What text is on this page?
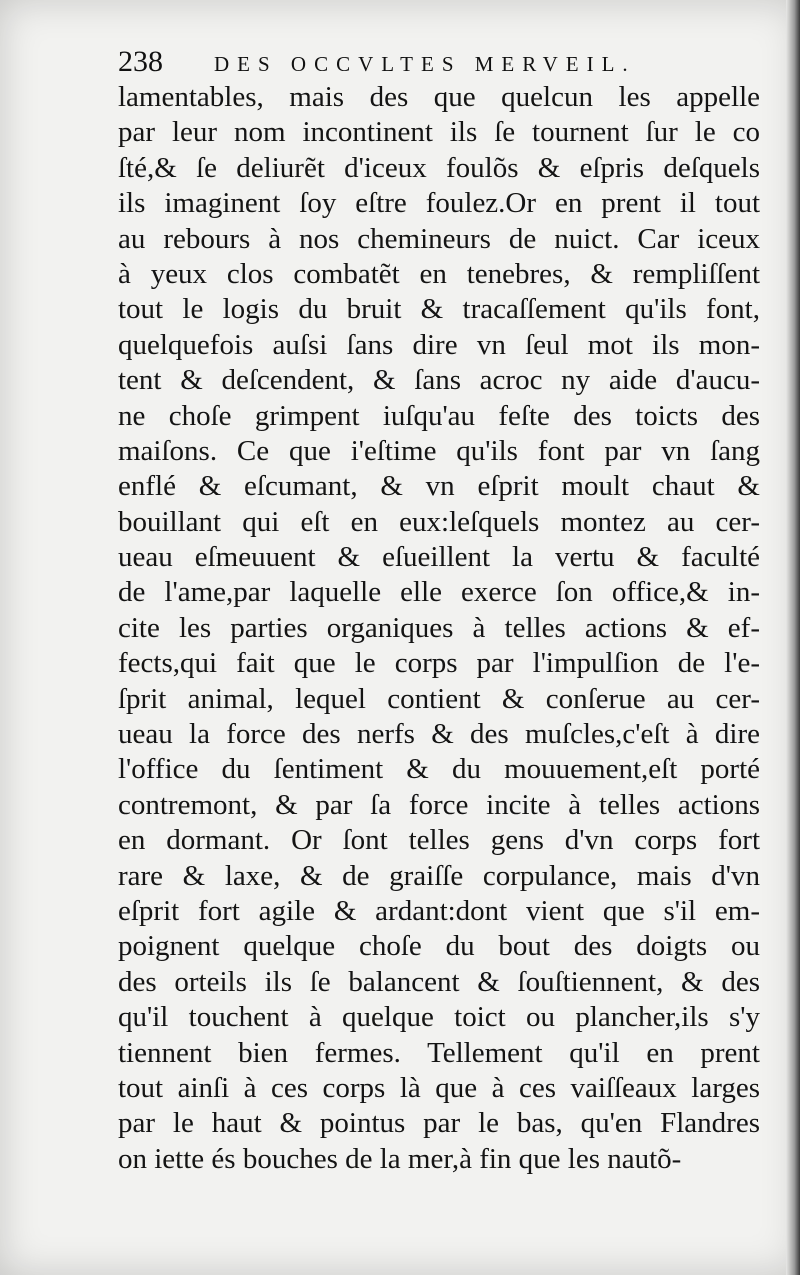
238 DES OCCVLTES MERVEIL.
lamentables, mais des que quelcun les appelle
par leur nom incontinent ils ſe tournent ſur le co
ſté,& ſe deliurẽt d'iceux foulõs & eſpris deſquels
ils imaginent ſoy eſtre foulez.Or en prent il tout
au rebours à nos chemineurs de nuict. Car iceux
à yeux clos combatẽt en tenebres, & rempliſſent
tout le logis du bruit & tracaſſement qu'ils font,
quelquefois auſsi ſans dire vn ſeul mot ils mon-
tent & deſcendent, & ſans acroc ny aide d'aucu-
ne choſe grimpent iuſqu'au feſte des toicts des
maiſons. Ce que i'eſtime qu'ils font par vn ſang
enflé & eſcumant, & vn eſprit moult chaut &
bouillant qui eſt en eux:leſquels montez au cer-
ueau eſmeuuent & eſueillent la vertu & faculté
de l'ame,par laquelle elle exerce ſon office,& in-
cite les parties organiques à telles actions & ef-
fects,qui fait que le corps par l'impulſion de l'e-
ſprit animal, lequel contient & conſerue au cer-
ueau la force des nerfs & des muſcles,c'eſt à dire
l'office du ſentiment & du mouuement,eſt porté
contremont, & par ſa force incite à telles actions
en dormant. Or ſont telles gens d'vn corps fort
rare & laxe, & de graiſſe corpulance, mais d'vn
eſprit fort agile & ardant:dont vient que s'il em-
poignent quelque choſe du bout des doigts ou
des orteils ils ſe balancent & ſouſtiennent, & des
qu'il touchent à quelque toict ou plancher,ils s'y
tiennent bien fermes. Tellement qu'il en prent
tout ainſi à ces corps là que à ces vaiſſeaux larges
par le haut & pointus par le bas, qu'en Flandres
on iette és bouches de la mer,à fin que les nautõ-
